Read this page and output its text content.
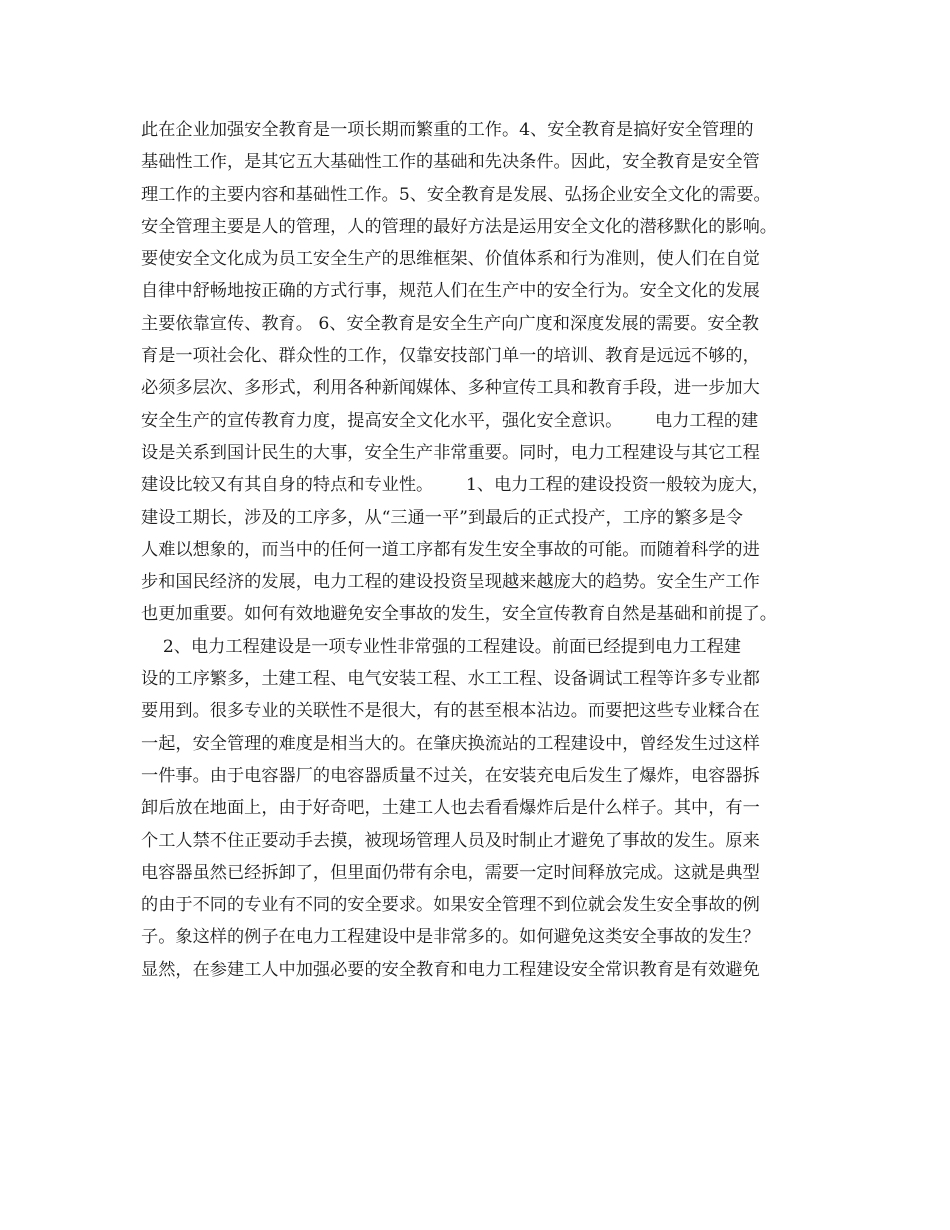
此在企业加强安全教育是一项长期而繁重的工作。4、安全教育是搞好安全管理的
基础性工作，是其它五大基础性工作的基础和先决条件。因此，安全教育是安全管
理工作的主要内容和基础性工作。5、安全教育是发展、弘扬企业安全文化的需要。
安全管理主要是人的管理，人的管理的最好方法是运用安全文化的潜移默化的影响。
要使安全文化成为员工安全生产的思维框架、价值体系和行为准则，使人们在自觉
自律中舒畅地按正确的方式行事，规范人们在生产中的安全行为。安全文化的发展
主要依靠宣传、教育。 6、安全教育是安全生产向广度和深度发展的需要。安全教
育是一项社会化、群众性的工作，仅靠安技部门单一的培训、教育是远远不够的，
必须多层次、多形式，利用各种新闻媒体、多种宣传工具和教育手段，进一步加大
安全生产的宣传教育力度，提高安全文化水平，强化安全意识。      电力工程的建
设是关系到国计民生的大事，安全生产非常重要。同时，电力工程建设与其它工程
建设比较又有其自身的特点和专业性。      1、电力工程的建设投资一般较为庞大，
建设工期长，涉及的工序多，从“三通一平”到最后的正式投产，工序的繁多是令
人难以想象的，而当中的任何一道工序都有发生安全事故的可能。而随着科学的进
步和国民经济的发展，电力工程的建设投资呈现越来越庞大的趋势。安全生产工作
也更加重要。如何有效地避免安全事故的发生，安全宣传教育自然是基础和前提了。
2、电力工程建设是一项专业性非常强的工程建设。前面已经提到电力工程建
设的工序繁多，土建工程、电气安装工程、水工工程、设备调试工程等许多专业都
要用到。很多专业的关联性不是很大，有的甚至根本沾边。而要把这些专业糅合在
一起，安全管理的难度是相当大的。在肇庆换流站的工程建设中，曾经发生过这样
一件事。由于电容器厂的电容器质量不过关，在安装充电后发生了爆炸，电容器拆
卸后放在地面上，由于好奇吧，土建工人也去看看爆炸后是什么样子。其中，有一
个工人禁不住正要动手去摸，被现场管理人员及时制止才避免了事故的发生。原来
电容器虽然已经拆卸了，但里面仍带有余电，需要一定时间释放完成。这就是典型
的由于不同的专业有不同的安全要求。如果安全管理不到位就会发生安全事故的例
子。象这样的例子在电力工程建设中是非常多的。如何避免这类安全事故的发生？
显然，在参建工人中加强必要的安全教育和电力工程建设安全常识教育是有效避免
